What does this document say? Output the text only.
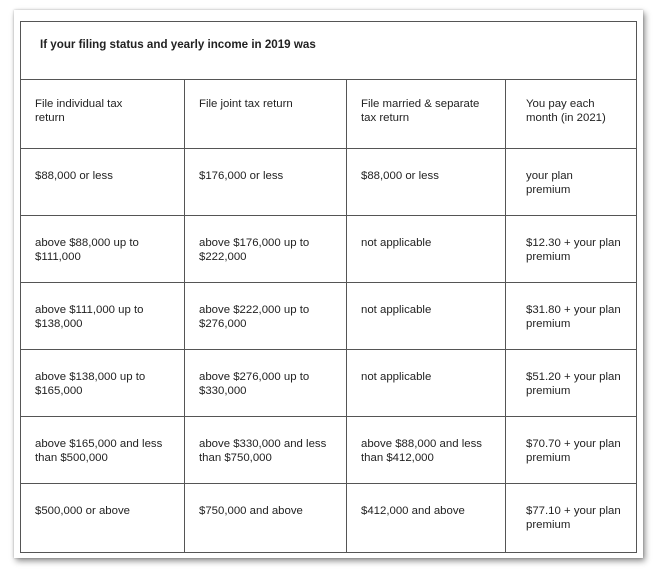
If your filing status and yearly income in 2019 was			

File individual tax return	File joint tax return	File married & separate tax return	You pay each month (in 2021)

$88,000 or less	$176,000 or less	$88,000 or less	your plan premium

above $88,000 up to $111,000	above $176,000 up to $222,000	not applicable	$12.30 + your plan premium

above $111,000 up to $138,000	above $222,000 up to $276,000	not applicable	$31.80 + your plan premium

above $138,000 up to $165,000	above $276,000 up to $330,000	not applicable	$51.20 + your plan premium

above $165,000 and less than $500,000	above $330,000 and less than $750,000	above $88,000 and less than $412,000	$70.70 + your plan premium

$500,000 or above	$750,000 and above	$412,000 and above	$77.10 + your plan premium
